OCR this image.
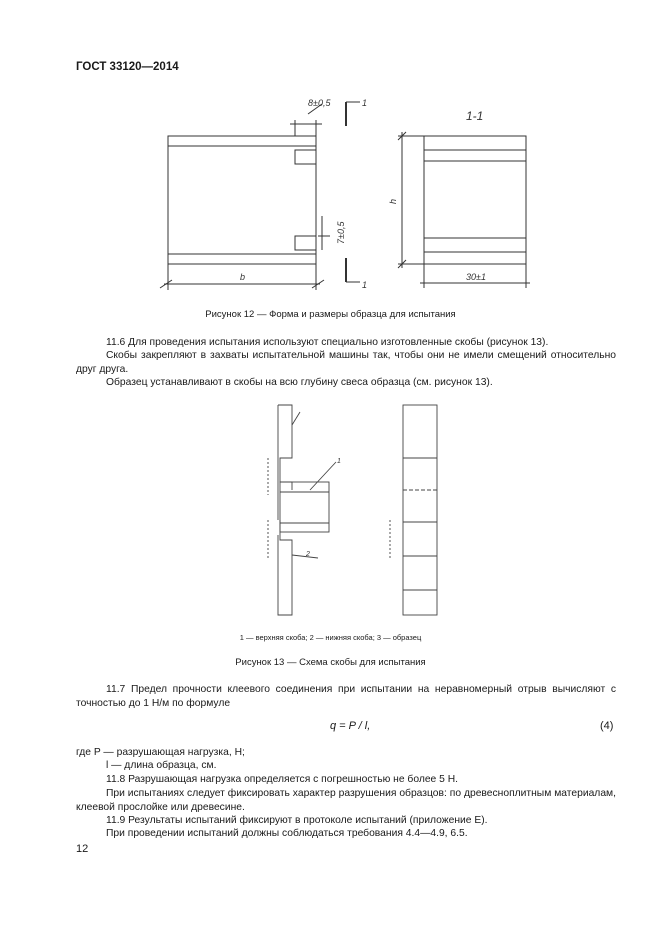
ГОСТ 33120—2014
1
1
1-1
8±0,5
7±0,5
b
h
30±1
Рисунок 12 — Форма и размеры образца для испытания
11.6 Для проведения испытания используют специально изготовленные скобы (рисунок 13).
Скобы закрепляют в захваты испытательной машины так, чтобы они не имели смещений относительно друг друга.
Образец устанавливают в скобы на всю глубину свеса образца (см. рисунок 13).
1
2
1 — верхняя скоба; 2 — нижняя скоба; 3 — образец
Рисунок 13 — Схема скобы для испытания
11.7 Предел прочности клеевого соединения при испытании на неравномерный отрыв вычисляют с точностью до 1 Н/м по формуле
q = P / l,	(4)
где P — разрушающая нагрузка, Н;
l — длина образца, см.
11.8 Разрушающая нагрузка определяется с погрешностью не более 5 Н.
При испытаниях следует фиксировать характер разрушения образцов: по древесноплитным материалам, клеевой прослойке или древесине.
11.9 Результаты испытаний фиксируют в протоколе испытаний (приложение Е).
При проведении испытаний должны соблюдаться требования 4.4—4.9, 6.5.
12
